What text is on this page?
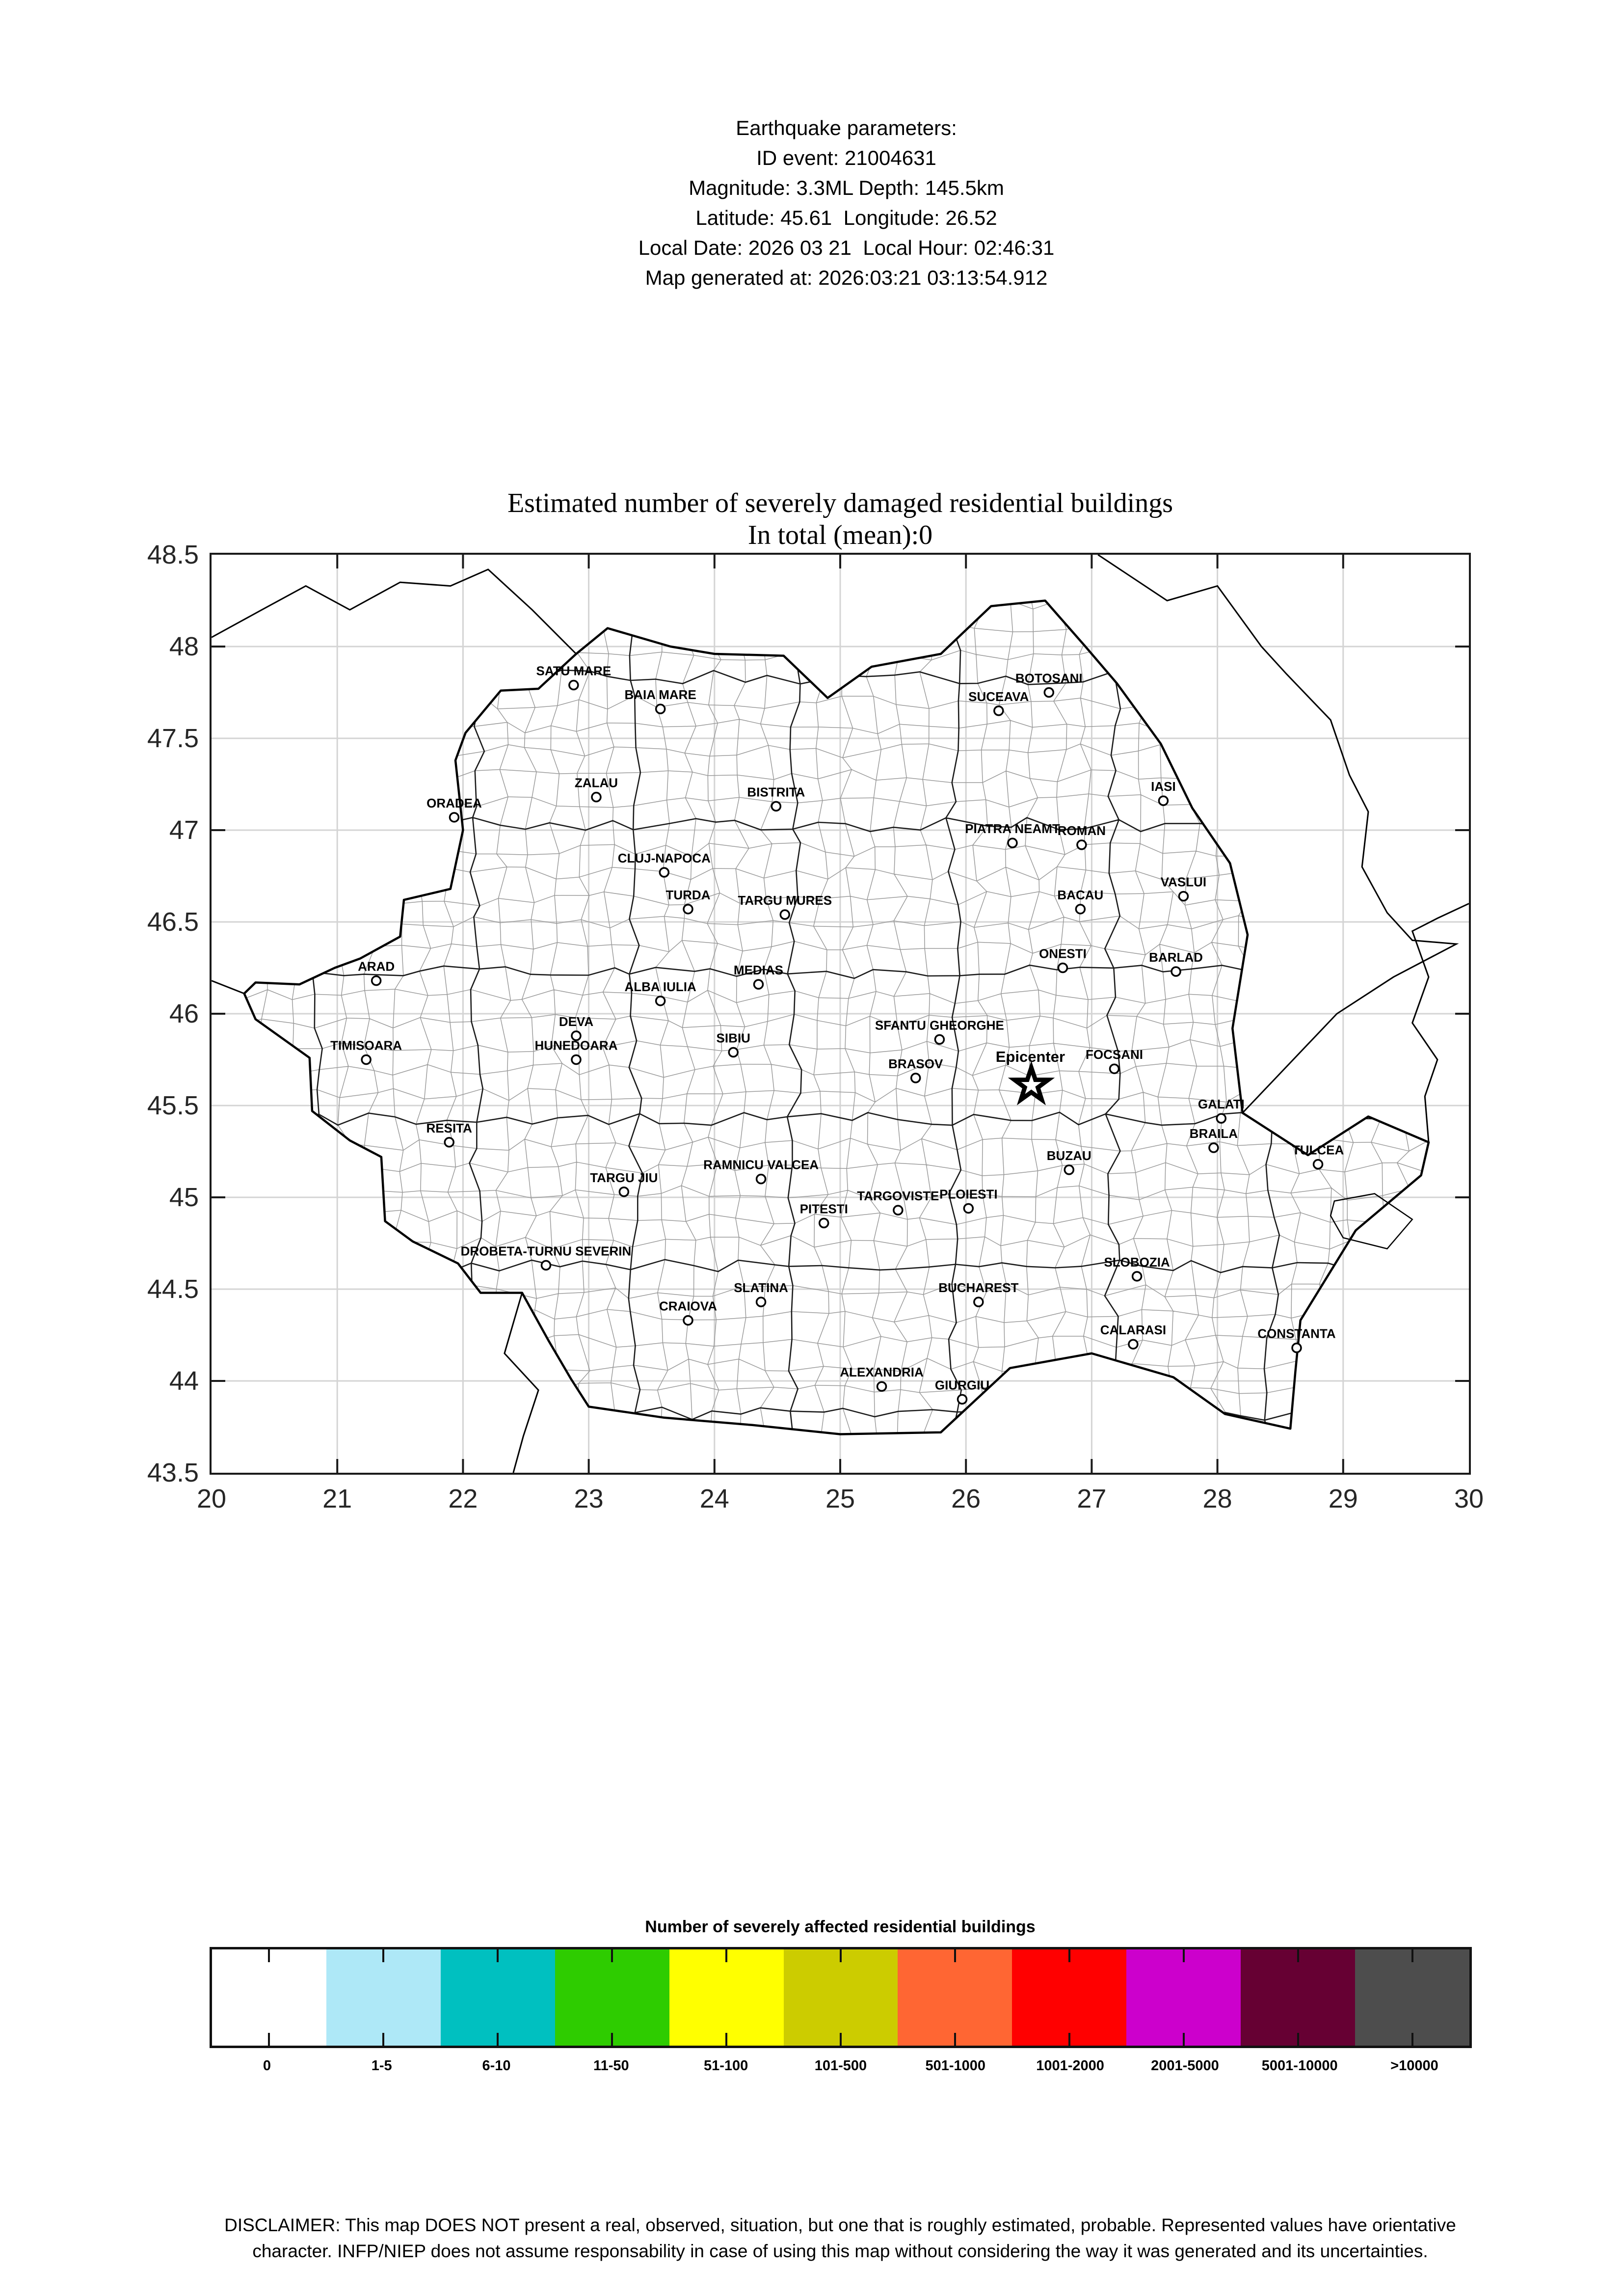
Earthquake parameters:
ID event: 21004631
Magnitude: 3.3ML Depth: 145.5km
Latitude: 45.61  Longitude: 26.52
Local Date: 2026 03 21  Local Hour: 02:46:31
Map generated at: 2026:03:21 03:13:54.912
Estimated number of severely damaged residential buildings
In total (mean):0
SATU MARE
BAIA MARE
BOTOSANI
SUCEAVA
ZALAU
BISTRITA	IASI
ORADEA
PIATRA NEAMT
ROMAN
CLUJ-NAPOCA
VASLUI
TURDA TARGU MURES	BACAU
ONESTI	BARLAD
ARAD	MEDIAS
ALBA IULIA
SFANTU GHEORGHE
DEVA
HUNEDOARA	SIBIU
TIMISOARA
FOCSANI
BRASOV
GALATI
RESITA	BRAILA
BUZAU	TULCEA
TARGU JIU
RAMNICU VALCEA
PITESTI
TARGOVISTE PLOIESTI
DROBETA-TURNU SEVERIN
SLOBOZIA
SLATINA	BUCHAREST
CRAIOVA
CALARASI	CONSTANTA
ALEXANDRIA
GIURGIU
Epicenter
20	21	22	23	24	25	26	27	28	29	30
48.5
48
47.5
47
46.5
46
45.5
45
44.5
44
43.5
Number of severely affected residential buildings
0	1-5	6-10	11-50	51-100	101-500	501-1000	1001-2000	2001-5000	5001-10000	>10000
DISCLAIMER: This map DOES NOT present a real, observed, situation, but one that is roughly estimated, probable. Represented values have orientative character. INFP/NIEP does not assume responsability in case of using this map without considering the way it was generated and its uncertainties.
